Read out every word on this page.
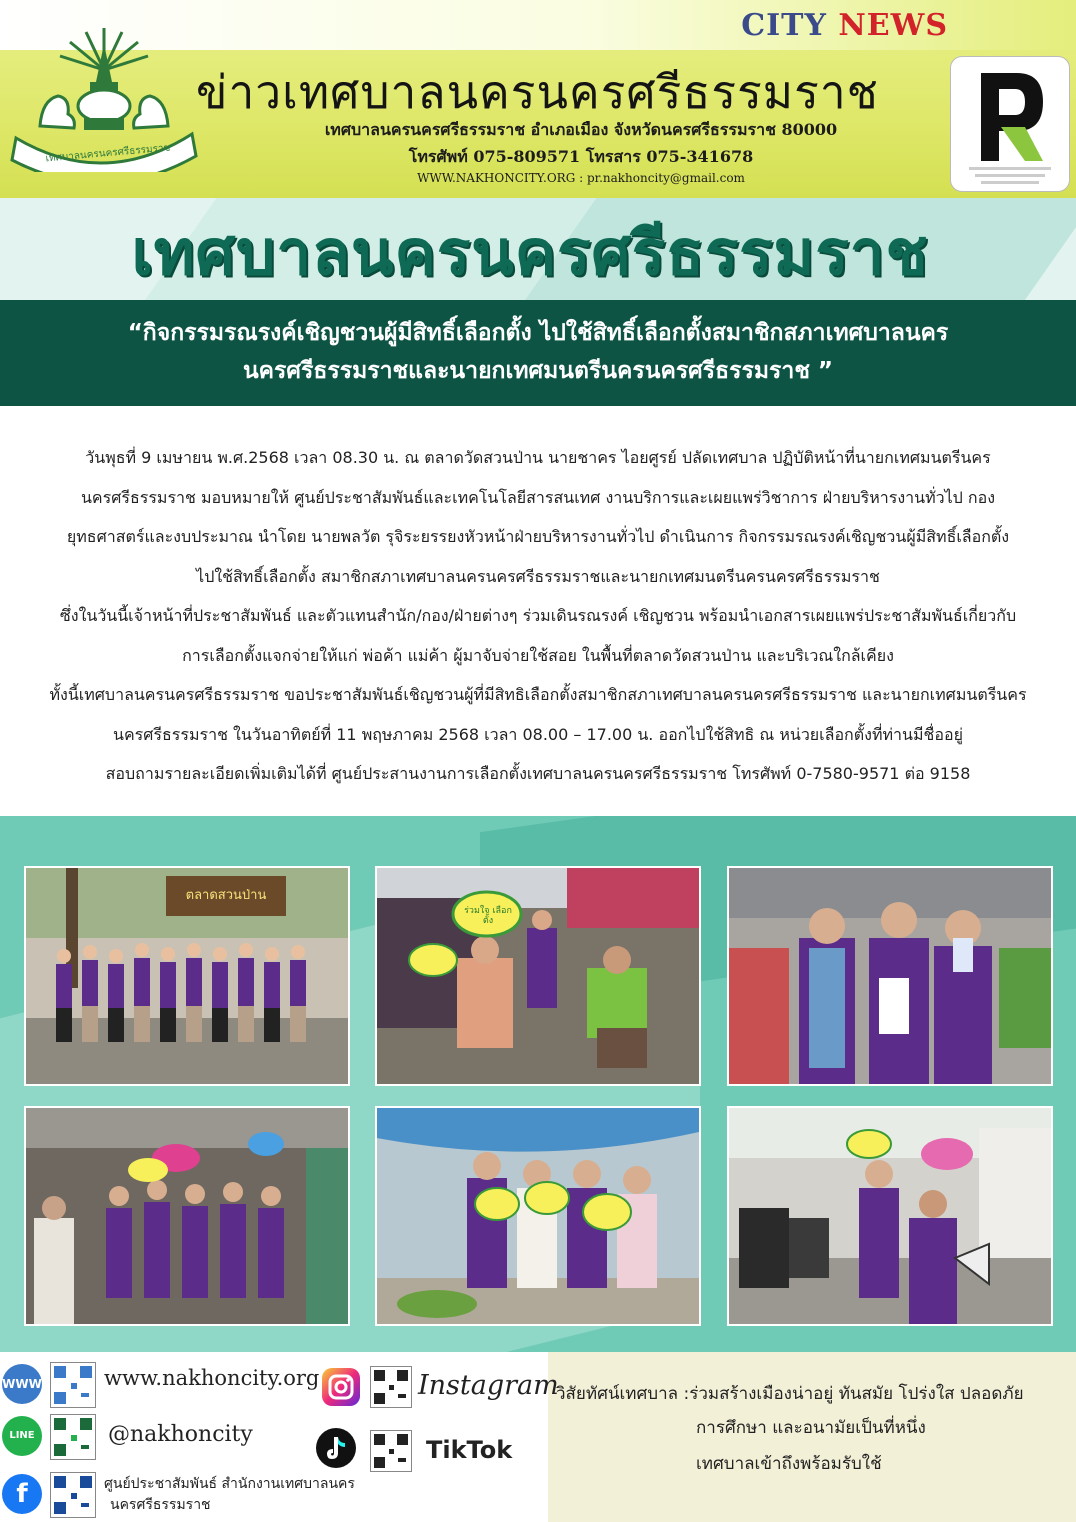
เทศบาลนครนครศรีธรรมราช
CITY NEWS
ข่าวเทศบาลนครนครศรีธรรมราช
เทศบาลนครนครศรีธรรมราช อำเภอเมือง จังหวัดนครศรีธรรมราช 80000
โทรศัพท์ 075-809571 โทรสาร 075-341678
WWW.NAKHONCITY.ORG : pr.nakhoncity@gmail.com
เทศบาลนครนครศรีธรรมราช
“กิจกรรมรณรงค์เชิญชวนผู้มีสิทธิ์เลือกตั้ง ไปใช้สิทธิ์เลือกตั้งสมาชิกสภาเทศบาลนคร
นครศรีธรรมราชและนายกเทศมนตรีนครนครศรีธรรมราช ”

วันพุธที่ 9 เมษายน พ.ศ.2568 เวลา 08.30 น. ณ ตลาดวัดสวนป่าน นายชาคร ไอยศูรย์ ปลัดเทศบาล ปฏิบัติหน้าที่นายกเทศมนตรีนคร

นครศรีธรรมราช มอบหมายให้ ศูนย์ประชาสัมพันธ์และเทคโนโลยีสารสนเทศ งานบริการและเผยแพร่วิชาการ ฝ่ายบริหารงานทั่วไป กอง

ยุทธศาสตร์และงบประมาณ นำโดย นายพลวัต รุจิระยรรยงหัวหน้าฝ่ายบริหารงานทั่วไป ดำเนินการ กิจกรรมรณรงค์เชิญชวนผู้มีสิทธิ์เลือกตั้ง

ไปใช้สิทธิ์เลือกตั้ง สมาชิกสภาเทศบาลนครนครศรีธรรมราชและนายกเทศมนตรีนครนครศรีธรรมราช

ซึ่งในวันนี้เจ้าหน้าที่ประชาสัมพันธ์ และตัวแทนสำนัก/กอง/ฝ่ายต่างๆ ร่วมเดินรณรงค์ เชิญชวน พร้อมนำเอกสารเผยแพร่ประชาสัมพันธ์เกี่ยวกับ

การเลือกตั้งแจกจ่ายให้แก่ พ่อค้า แม่ค้า ผู้มาจับจ่ายใช้สอย ในพื้นที่ตลาดวัดสวนป่าน และบริเวณใกล้เคียง

ทั้งนี้เทศบาลนครนครศรีธรรมราช ขอประชาสัมพันธ์เชิญชวนผู้ที่มีสิทธิเลือกตั้งสมาชิกสภาเทศบาลนครนครศรีธรรมราช และนายกเทศมนตรีนคร

นครศรีธรรมราช ในวันอาทิตย์ที่ 11 พฤษภาคม 2568 เวลา 08.00 – 17.00 น. ออกไปใช้สิทธิ ณ หน่วยเลือกตั้งที่ท่านมีชื่ออยู่

สอบถามรายละเอียดเพิ่มเติมได้ที่ ศูนย์ประสานงานการเลือกตั้งเทศบาลนครนครศรีธรรมราช โทรศัพท์ 0-7580-9571 ต่อ 9158

ตลาดสวนป่าน
ร่วมใจ เลือกตั้ง
WWW	www.nakhoncity.org	Instagram
LINE	@nakhoncity
TikTok
f	ศูนย์ประชาสัมพันธ์ สำนักงานเทศบาลนคร
นครศรีธรรมราช
วิสัยทัศน์เทศบาล :ร่วมสร้างเมืองน่าอยู่ ทันสมัย โปร่งใส ปลอดภัย
การศึกษา และอนามัยเป็นที่หนึ่ง
เทศบาลเข้าถึงพร้อมรับใช้
